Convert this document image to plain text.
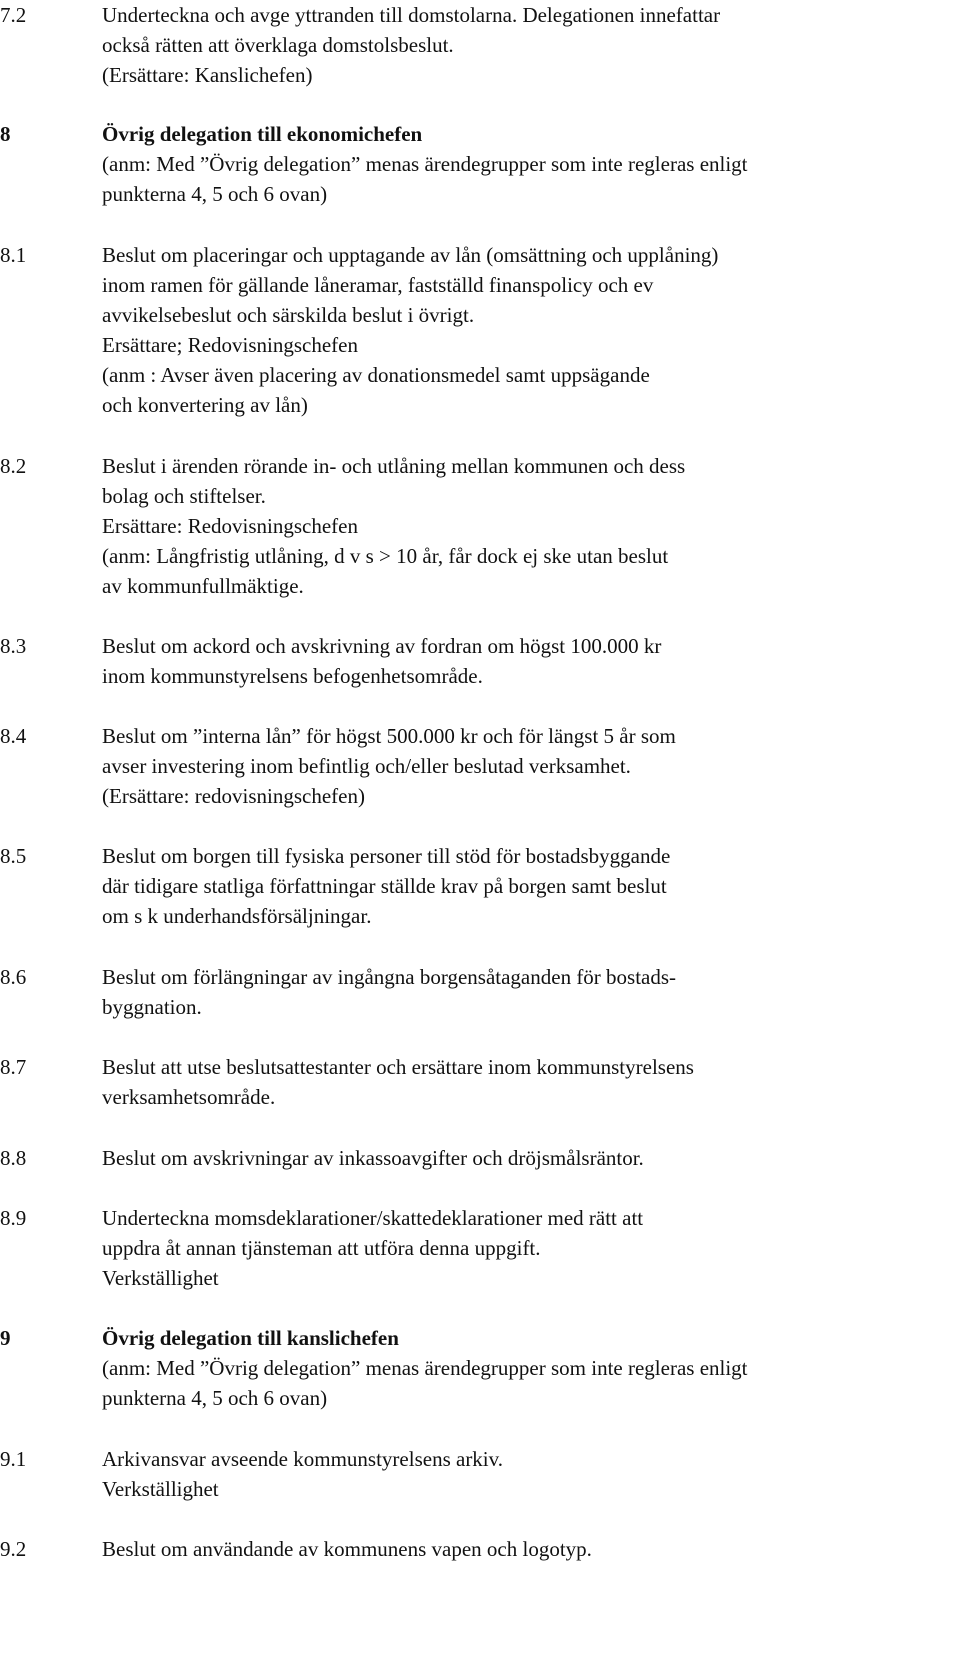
7.2	Underteckna och avge yttranden till domstolarna. Delegationen innefattar
också rätten att överklaga domstolsbeslut.
(Ersättare: Kanslichefen)
8	Övrig delegation till ekonomichefen
(anm: Med ”Övrig delegation” menas ärendegrupper som inte regleras enligt
punkterna 4, 5 och 6 ovan)
8.1	Beslut om placeringar och upptagande av lån (omsättning och upplåning)
inom ramen för gällande låneramar, fastställd finanspolicy och ev
avvikelsebeslut och särskilda beslut i övrigt.
Ersättare; Redovisningschefen
(anm : Avser även placering av donationsmedel samt uppsägande
och konvertering av lån)
8.2	Beslut i ärenden rörande in- och utlåning mellan kommunen och dess
bolag och stiftelser.
Ersättare: Redovisningschefen
(anm: Långfristig utlåning, d v s > 10 år, får dock ej ske utan beslut
av kommunfullmäktige.
8.3	Beslut om ackord och avskrivning av fordran om högst 100.000 kr
inom kommunstyrelsens befogenhetsområde.
8.4	Beslut om ”interna lån” för högst 500.000 kr och för längst 5 år som
avser investering inom befintlig och/eller beslutad verksamhet.
(Ersättare: redovisningschefen)
8.5	Beslut om borgen till fysiska personer till stöd för bostadsbyggande
där tidigare statliga författningar ställde krav på borgen samt beslut
om s k underhandsförsäljningar.
8.6	Beslut om förlängningar av ingångna borgensåtaganden för bostads-
byggnation.
8.7	Beslut att utse beslutsattestanter och ersättare inom kommunstyrelsens
verksamhetsområde.
8.8	Beslut om avskrivningar av inkassoavgifter och dröjsmålsräntor.
8.9	Underteckna momsdeklarationer/skattedeklarationer med rätt att
uppdra åt annan tjänsteman att utföra denna uppgift.
Verkställighet
9	Övrig delegation till kanslichefen
(anm: Med ”Övrig delegation” menas ärendegrupper som inte regleras enligt
punkterna 4, 5 och 6 ovan)
9.1	Arkivansvar avseende kommunstyrelsens arkiv.
Verkställighet
9.2	Beslut om användande av kommunens vapen och logotyp.
